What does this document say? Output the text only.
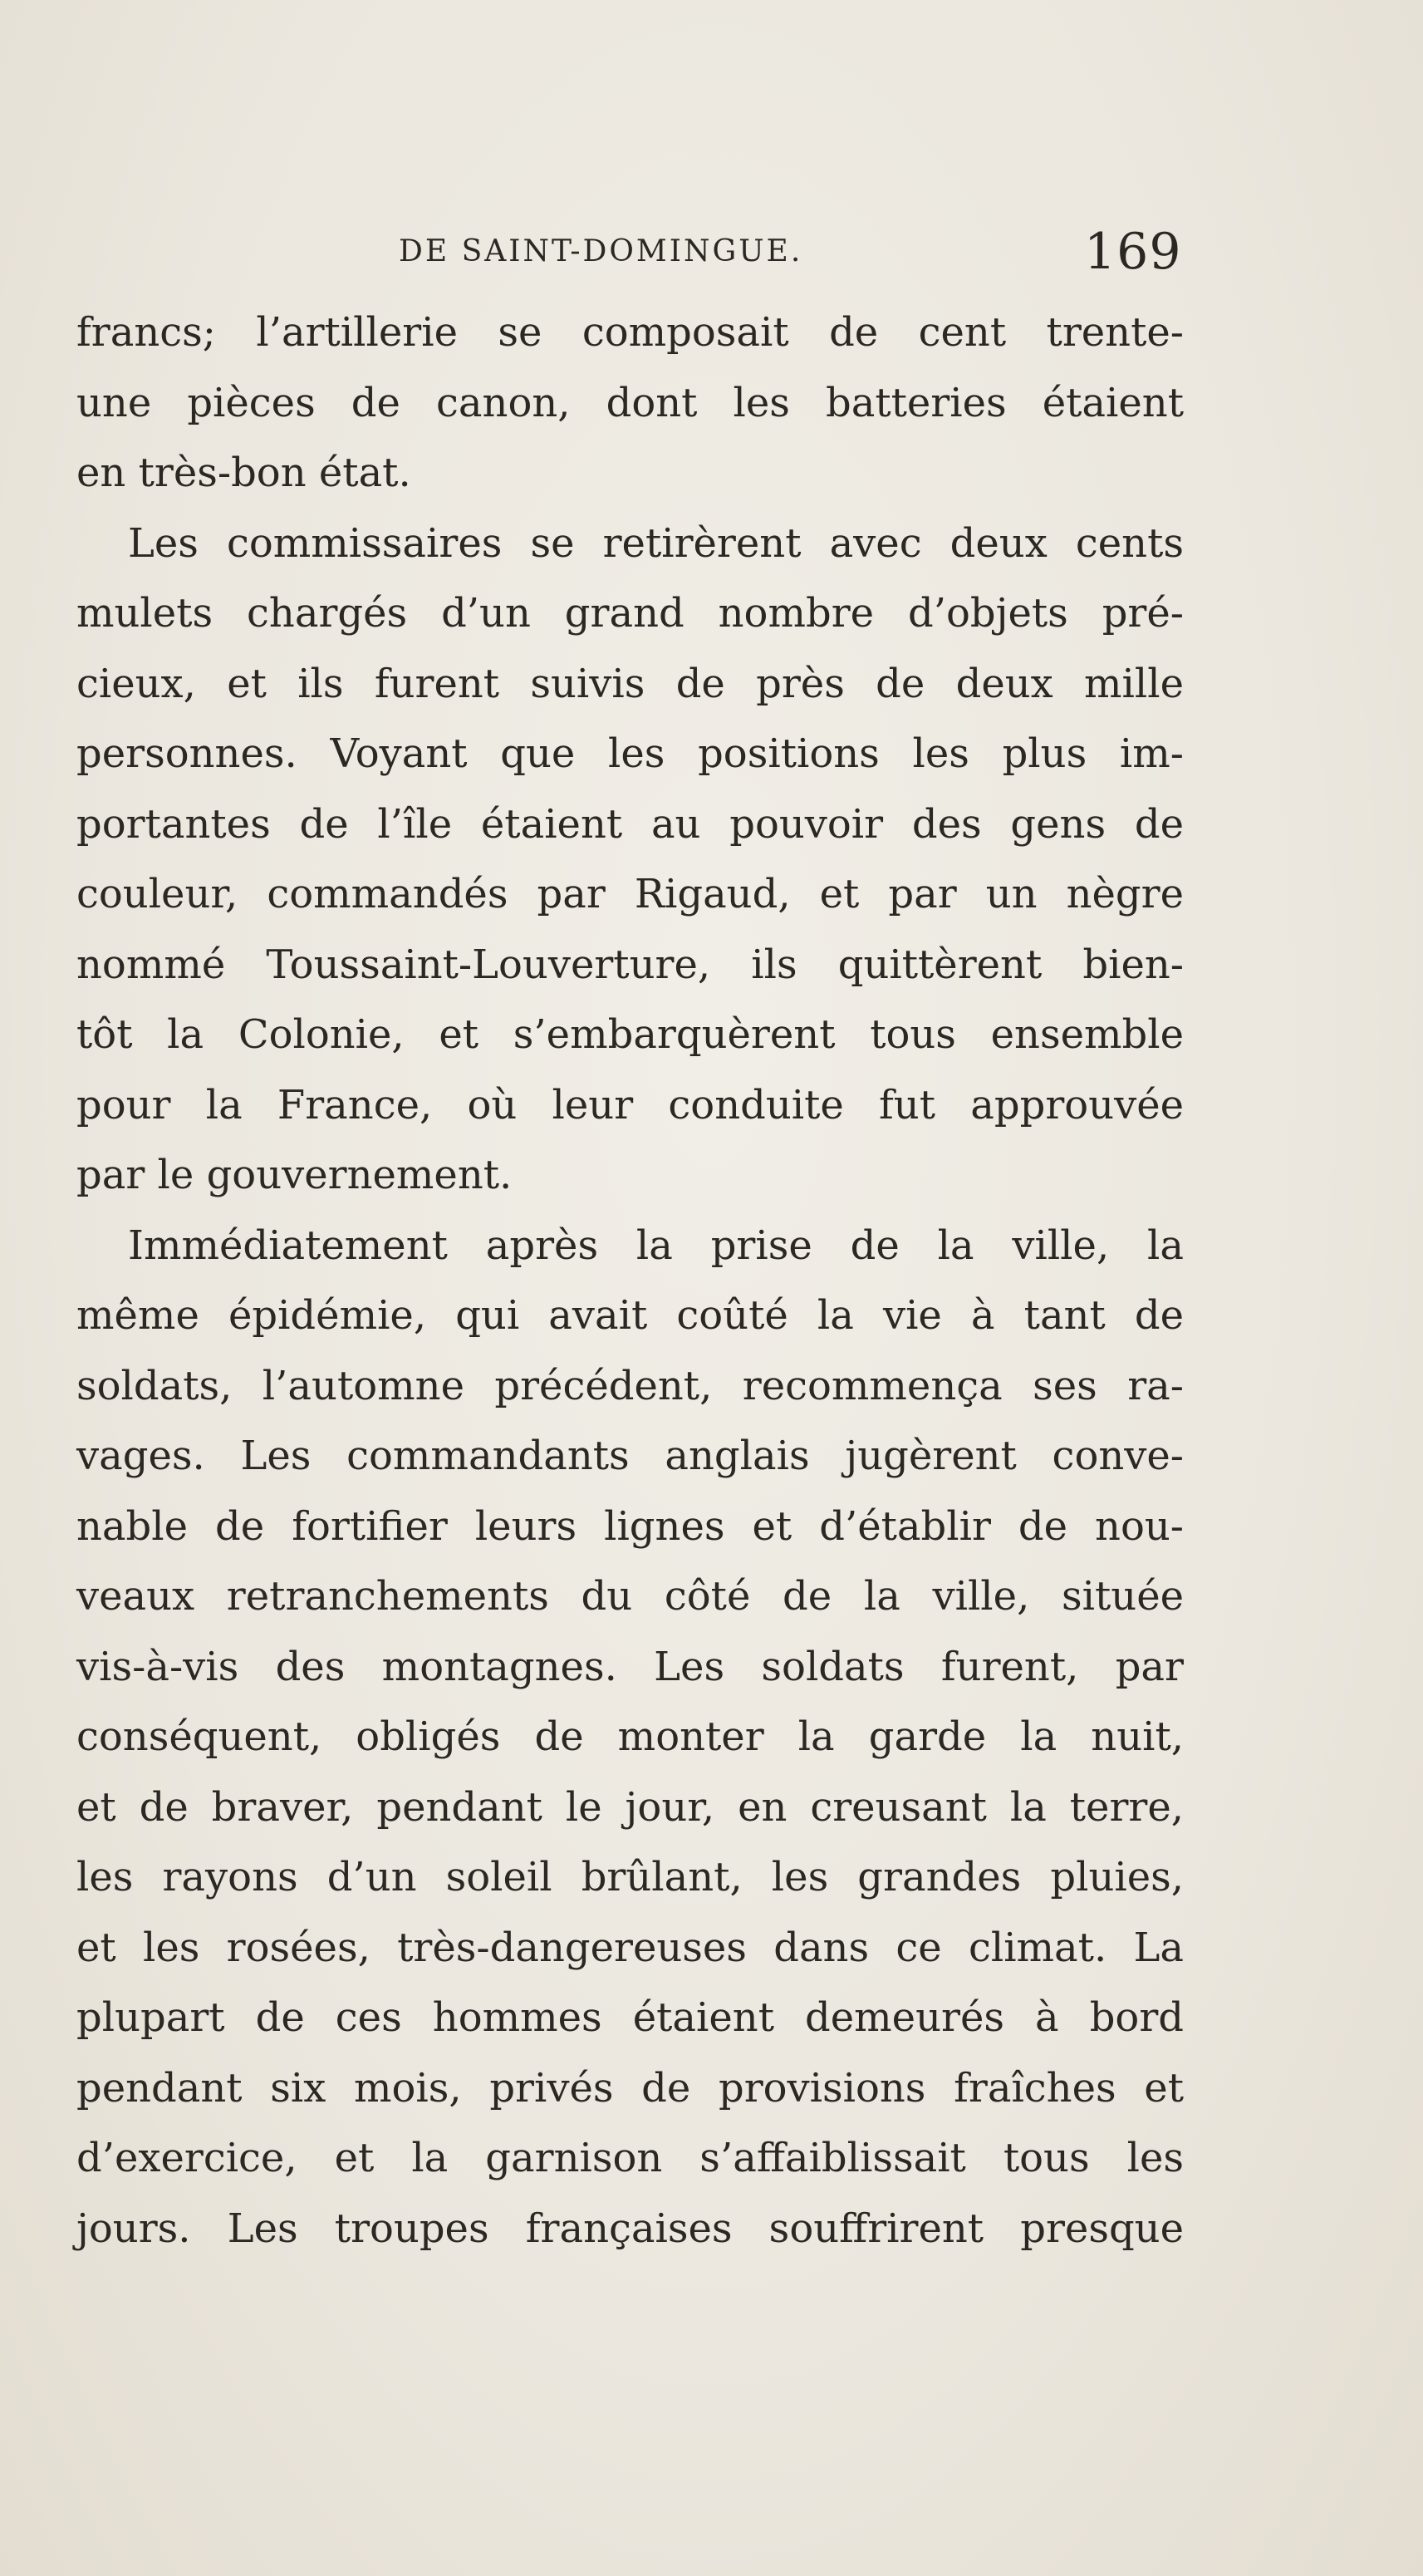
DE SAINT-DOMINGUE.	169
francs; l’artillerie se composait de cent trente-
une pièces de canon, dont les batteries étaient
en très-bon état.
Les commissaires se retirèrent avec deux cents
mulets chargés d’un grand nombre d’objets pré-
cieux, et ils furent suivis de près de deux mille
personnes. Voyant que les positions les plus im-
portantes de l’île étaient au pouvoir des gens de
couleur, commandés par Rigaud, et par un nègre
nommé Toussaint-Louverture, ils quittèrent bien-
tôt la Colonie, et s’embarquèrent tous ensemble
pour la France, où leur conduite fut approuvée
par le gouvernement.
Immédiatement après la prise de la ville, la
même épidémie, qui avait coûté la vie à tant de
soldats, l’automne précédent, recommença ses ra-
vages. Les commandants anglais jugèrent conve-
nable de fortifier leurs lignes et d’établir de nou-
veaux retranchements du côté de la ville, située
vis-à-vis des montagnes. Les soldats furent, par
conséquent, obligés de monter la garde la nuit,
et de braver, pendant le jour, en creusant la terre,
les rayons d’un soleil brûlant, les grandes pluies,
et les rosées, très-dangereuses dans ce climat. La
plupart de ces hommes étaient demeurés à bord
pendant six mois, privés de provisions fraîches et
d’exercice, et la garnison s’affaiblissait tous les
jours. Les troupes françaises souffrirent presque
